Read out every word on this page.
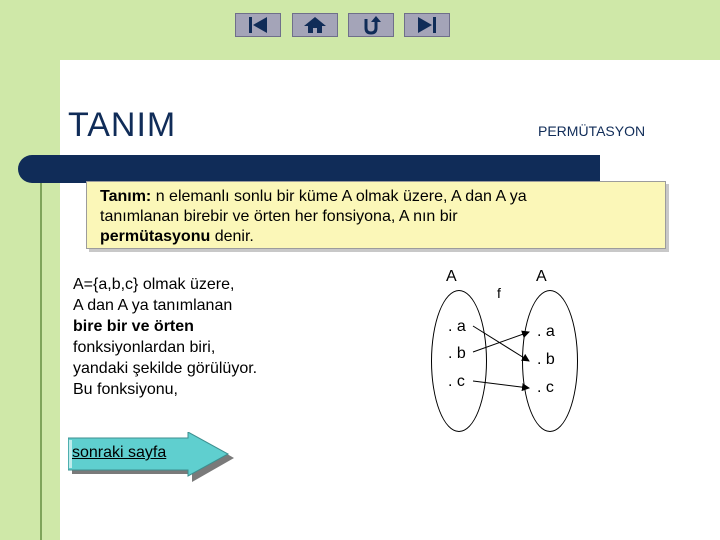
TANIM	PERMÜTASYON
Tanım: n elemanlı sonlu bir küme A olmak üzere, A dan A ya
tanımlanan birebir ve örten her fonsiyona, A nın bir
permütasyonu denir.
A={a,b,c} olmak üzere,
A dan A ya tanımlanan
bire bir ve örten
fonksiyonlardan biri,
yandaki şekilde görülüyor.
Bu fonksiyonu,
A	A
f
. a
. b
. c
. a
. b
. c
sonraki sayfa
